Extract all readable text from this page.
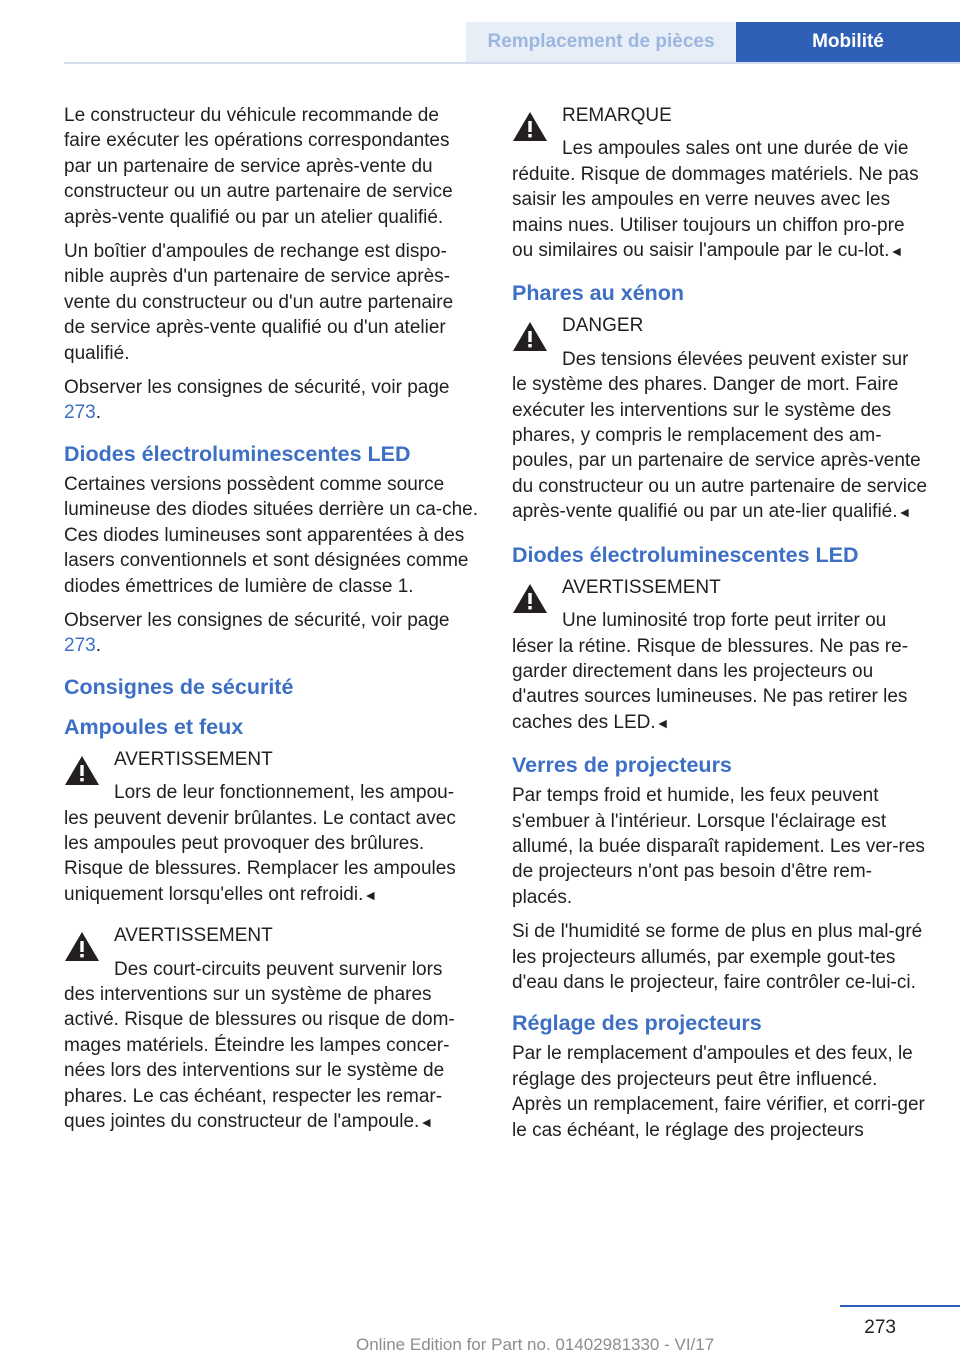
Remplacement de pièces	Mobilité

Le constructeur du véhicule recommande de faire exécuter les opérations correspondantes par un partenaire de service après-vente du constructeur ou un autre partenaire de service après-vente qualifié ou par un atelier qualifié.

Un boîtier d'ampoules de rechange est dispo-nible auprès d'un partenaire de service après-vente du constructeur ou d'un autre partenaire de service après-vente qualifié ou d'un atelier qualifié.

Observer les consignes de sécurité, voir page 273.

Diodes électroluminescentes LED

Certaines versions possèdent comme source lumineuse des diodes situées derrière un ca-che. Ces diodes lumineuses sont apparentées à des lasers conventionnels et sont désignées comme diodes émettrices de lumière de classe 1.

Observer les consignes de sécurité, voir page 273.

Consignes de sécurité
Ampoules et feux
AVERTISSEMENT
Lors de leur fonctionnement, les ampou-les peuvent devenir brûlantes. Le contact avec les ampoules peut provoquer des brûlures. Risque de blessures. Remplacer les ampoules uniquement lorsqu'elles ont refroidi.◄
AVERTISSEMENT
Des court-circuits peuvent survenir lors des interventions sur un système de phares activé. Risque de blessures ou risque de dom-mages matériels. Éteindre les lampes concer-nées lors des interventions sur le système de phares. Le cas échéant, respecter les remar-ques jointes du constructeur de l'ampoule.◄
REMARQUE
Les ampoules sales ont une durée de vie réduite. Risque de dommages matériels. Ne pas saisir les ampoules en verre neuves avec les mains nues. Utiliser toujours un chiffon pro-pre ou similaires ou saisir l'ampoule par le cu-lot.◄
Phares au xénon
DANGER
Des tensions élevées peuvent exister sur le système des phares. Danger de mort. Faire exécuter les interventions sur le système des phares, y compris le remplacement des am-poules, par un partenaire de service après-vente du constructeur ou un autre partenaire de service après-vente qualifié ou par un ate-lier qualifié.◄
Diodes électroluminescentes LED
AVERTISSEMENT
Une luminosité trop forte peut irriter ou léser la rétine. Risque de blessures. Ne pas re-garder directement dans les projecteurs ou d'autres sources lumineuses. Ne pas retirer les caches des LED.◄
Verres de projecteurs

Par temps froid et humide, les feux peuvent s'embuer à l'intérieur. Lorsque l'éclairage est allumé, la buée disparaît rapidement. Les ver-res de projecteurs n'ont pas besoin d'être rem-placés.

Si de l'humidité se forme de plus en plus mal-gré les projecteurs allumés, par exemple gout-tes d'eau dans le projecteur, faire contrôler ce-lui-ci.

Réglage des projecteurs

Par le remplacement d'ampoules et des feux, le réglage des projecteurs peut être influencé. Après un remplacement, faire vérifier, et corri-ger le cas échéant, le réglage des projecteurs

273
Online Edition for Part no. 01402981330 - VI/17
